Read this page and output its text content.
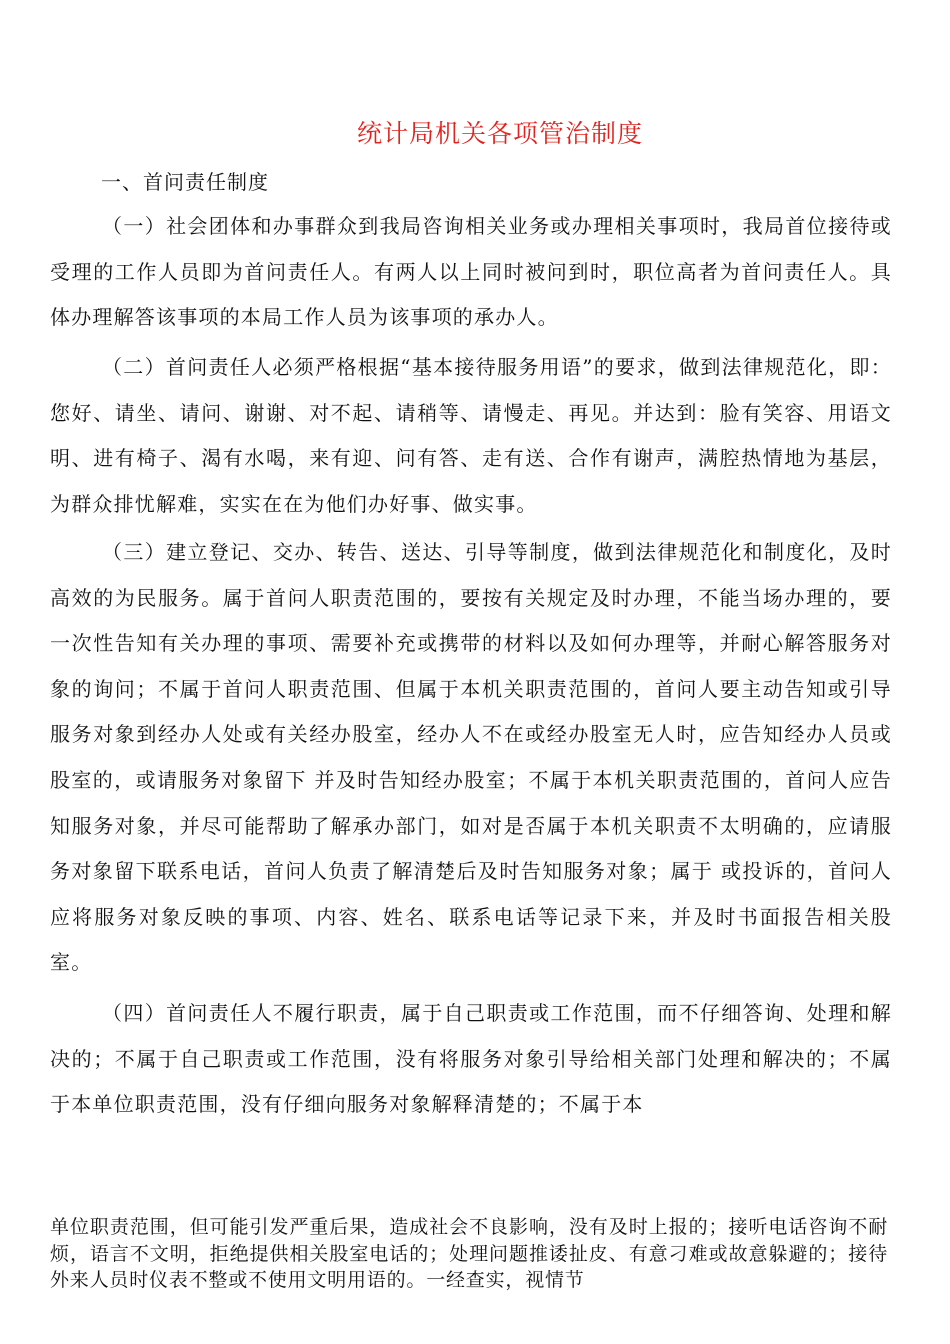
统计局机关各项管治制度
一、首问责任制度

（一）社会团体和办事群众到我局咨询相关业务或办理相关事项时，我局首位接待或受理的工作人员即为首问责任人。有两人以上同时被问到时，职位高者为首问责任人。具体办理解答该事项的本局工作人员为该事项的承办人。

（二）首问责任人必须严格根据“基本接待服务用语”的要求，做到法律规范化，即：您好、请坐、请问、谢谢、对不起、请稍等、请慢走、再见。并达到：脸有笑容、用语文明、进有椅子、渴有水喝，来有迎、问有答、走有送、合作有谢声，满腔热情地为基层，为群众排忧解难，实实在在为他们办好事、做实事。

（三）建立登记、交办、转告、送达、引导等制度，做到法律规范化和制度化，及时高效的为民服务。属于首问人职责范围的，要按有关规定及时办理，不能当场办理的，要一次性告知有关办理的事项、需要补充或携带的材料以及如何办理等，并耐心解答服务对象的询问；不属于首问人职责范围、但属于本机关职责范围的，首问人要主动告知或引导服务对象到经办人处或有关经办股室，经办人不在或经办股室无人时，应告知经办人员或股室的，或请服务对象留下 并及时告知经办股室；不属于本机关职责范围的，首问人应告知服务对象，并尽可能帮助了解承办部门，如对是否属于本机关职责不太明确的，应请服务对象留下联系电话，首问人负责了解清楚后及时告知服务对象；属于 或投诉的，首问人应将服务对象反映的事项、内容、姓名、联系电话等记录下来，并及时书面报告相关股室。

（四）首问责任人不履行职责，属于自己职责或工作范围，而不仔细答询、处理和解决的；不属于自己职责或工作范围，没有将服务对象引导给相关部门处理和解决的；不属于本单位职责范围，没有仔细向服务对象解释清楚的；不属于本

单位职责范围，但可能引发严重后果，造成社会不良影响，没有及时上报的；接听电话咨询不耐烦，语言不文明，拒绝提供相关股室电话的；处理问题推诿扯皮、有意刁难或故意躲避的；接待外来人员时仪表不整或不使用文明用语的。一经查实，视情节
